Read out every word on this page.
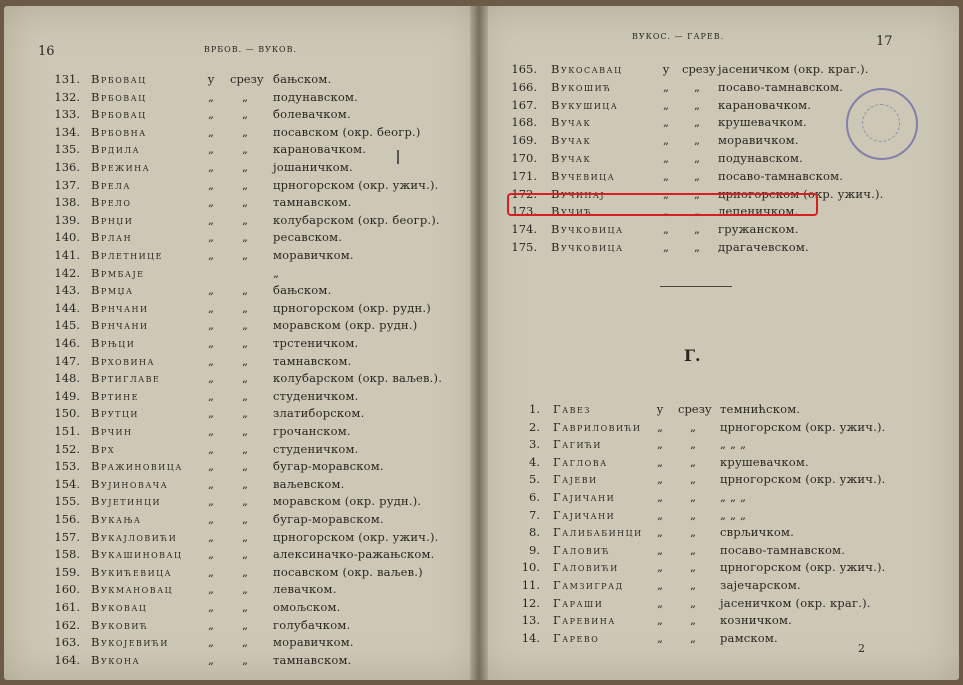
16	ВРБОВ. — ВУКОВ.
17
ВУКОС. — ГАРЕВ.
131. Врбовац	у	срезу бањском.
132. Врбовац	„	„	подунавском.
133. Врбовац	„	„	болевачком.
134. Врбовна	„	„	посавском (окр. беогр.)
135. Врдила	„	„	карановачком.
136. Врежина	„	„	јошаничком.
137. Врела	„	„	црногорском (окр. ужич.).
138. Врело	„	„	тамнавском.
139. Врнџи	„	„	колубарском (окр. беогр.).
140. Врлан	„	„	ресавском.
141. Врлетнице	„	„	моравичком.
142. Врмбаје	„
143. Врмџа	„	„	бањском.
144. Врнчани	„	„	црногорском (окр. рудн.)
145. Врнчани	„	„	моравском (окр. рудн.)
146. Врњци	„	„	трстеничком.
147. Врховина	„	„	тамнавском.
148. Вртиглаве	„	„	колубарском (окр. ваљев.).
149. Вртине	„	„	студеничком.
150. Врутци	„	„	златиборском.
151. Врчин	„	„	грочанском.
152. Врх	„	„	студеничком.
153. Вражиновица	„	„	бугар-моравском.
154. Вујиновача	„	„	ваљевском.
155. Вујетинци	„	„	моравском (окр. рудн.).
156. Вукања	„	„	бугар-моравском.
157. Вукајловићи	„	„	црногорском (окр. ужич.).
158. Вукашиновац	„	„	алексиначко-ражањском.
159. Вукићевица	„	„	посавском (окр. ваљев.)
160. Вукмановац	„	„	левачком.
161. Вуковац	„	„	омољском.
162. Вуковић	„	„	голубачком.
163. Вукојевићи	„	„	моравичком.
164. Вукона	„	„	тамнавском.
165. Вукосавац	у	срезу јасеничком (окр. краг.).
166. Вукошић	„	„	посаво-тамнавском.
167. Вукушица	„	„	карановачком.
168. Вучак	„	„	крушевачком.
169. Вучак	„	„	моравичком.
170. Вучак	„	„	подунавском.
171. Вучевица	„	„	посаво-тамнавском.
172. Вучинај	„	„	црногорском (окр. ужич.).
173. Вучић	„	„	лепеничком.
174. Вучковица	„	„	гружанском.
175. Вучковица	„	„	драгачевском.
Г.
1. Гавез	у	срезу темнићском.
2. Гавриловићи	„	„	црногорском (окр. ужич.).
3. Гагићи	„	„	„ „ „
4. Гаглова	„	„	крушевачком.
5. Гајеви	„	„	црногорском (окр. ужич.).
6. Гајичани	„	„	„ „ „
7. Гајичани	„	„	„ „ „
8. Галибабинци	„	„	сврљичком.
9. Галовић	„	„	посаво-тамнавском.
10. Галовићи	„	„	црногорском (окр. ужич.).
11. Гамзиград	„	„	зајечарском.
12. Гараши	„	„	јасеничком (окр. краг.).
13. Гаревина	„	„	козничком.
14. Гарево	„	„	рамском.
2
